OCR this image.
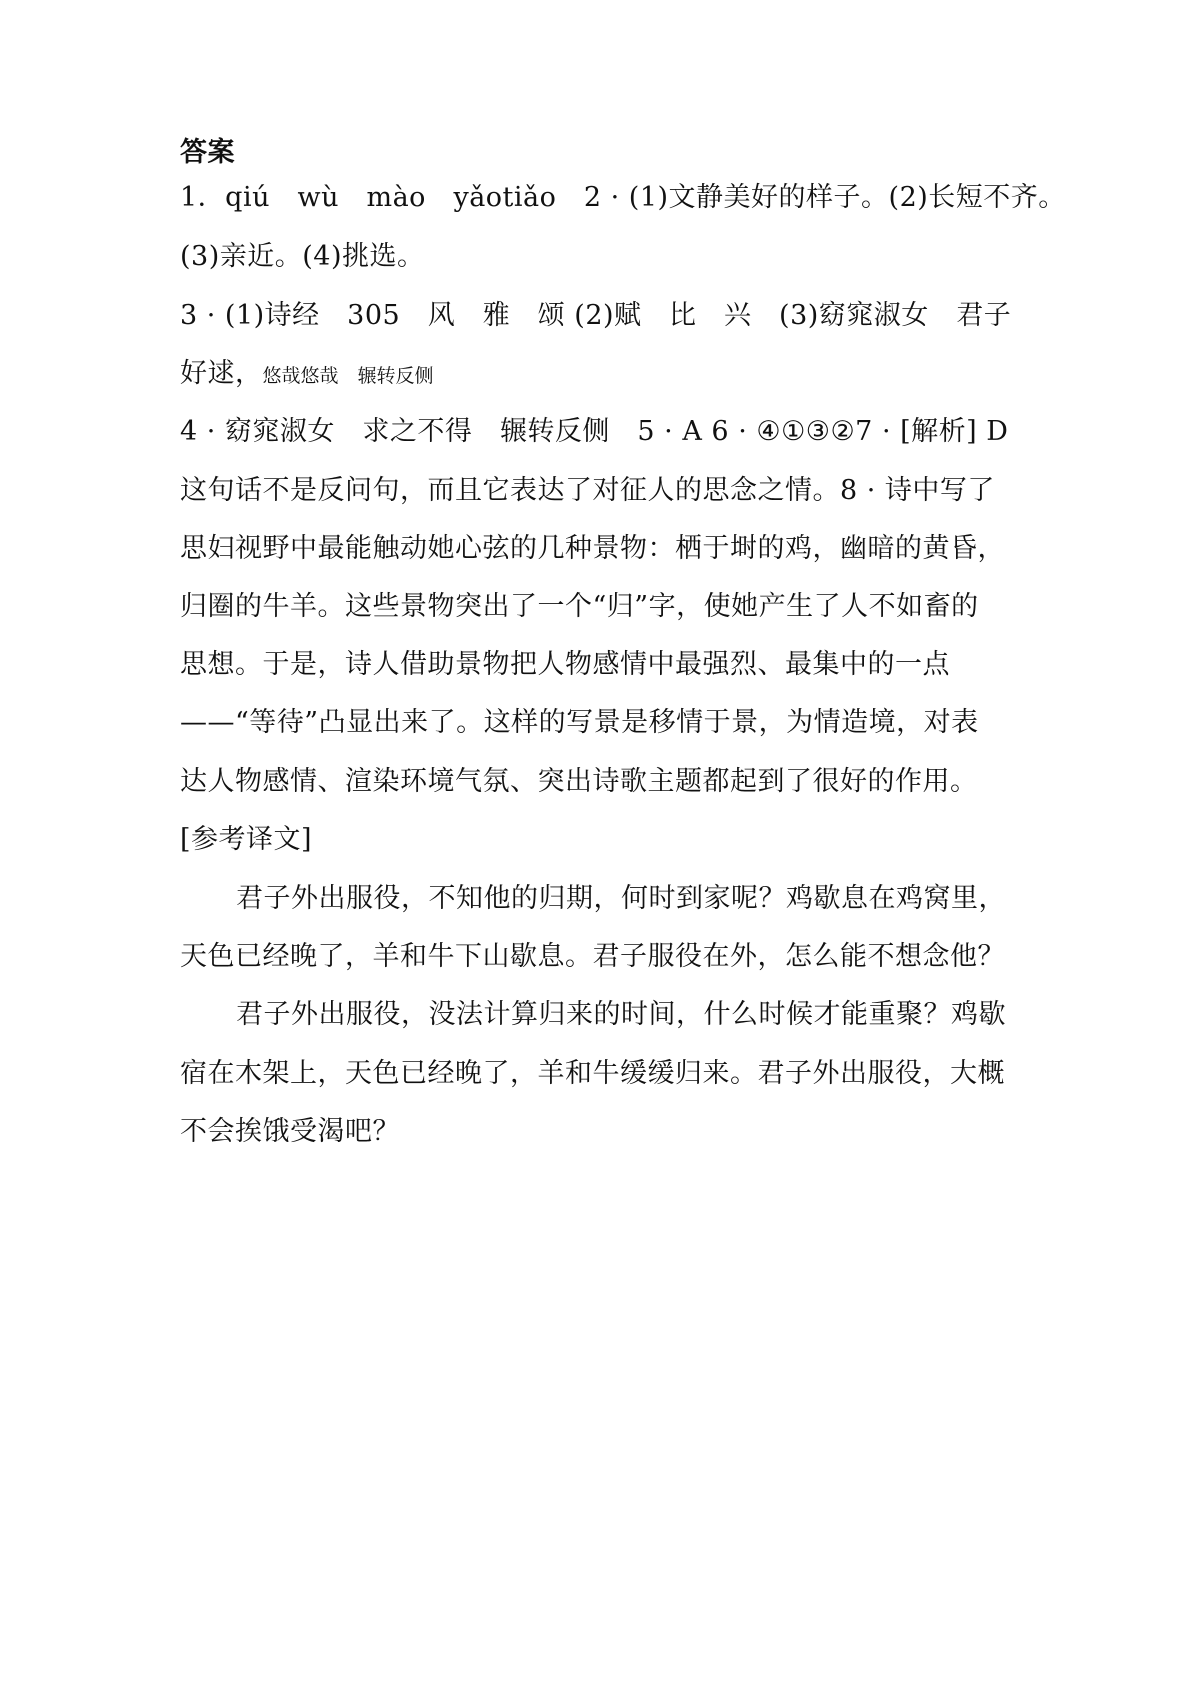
答案
1．qiú　wù　mào　yǎotiǎo　2 · (1)文静美好的样子。(2)长短不齐。
(3)亲近。(4)挑选。
3 · (1)诗经　305　风　雅　颂 (2)赋　比　兴　(3)窈窕淑女　君子
好逑，悠哉悠哉　辗转反侧
4 · 窈窕淑女　求之不得　辗转反侧　5 · A 6 · ④①③②7 · [解析] D
这句话不是反问句，而且它表达了对征人的思念之情。8 · 诗中写了
思妇视野中最能触动她心弦的几种景物：栖于埘的鸡，幽暗的黄昏，
归圈的牛羊。这些景物突出了一个“归”字，使她产生了人不如畜的
思想。于是，诗人借助景物把人物感情中最强烈、最集中的一点
——“等待”凸显出来了。这样的写景是移情于景，为情造境，对表
达人物感情、渲染环境气氛、突出诗歌主题都起到了很好的作用。
[参考译文]
君子外出服役，不知他的归期，何时到家呢？鸡歇息在鸡窝里，
天色已经晚了，羊和牛下山歇息。君子服役在外，怎么能不想念他？
君子外出服役，没法计算归来的时间，什么时候才能重聚？鸡歇
宿在木架上，天色已经晚了，羊和牛缓缓归来。君子外出服役，大概
不会挨饿受渴吧？
